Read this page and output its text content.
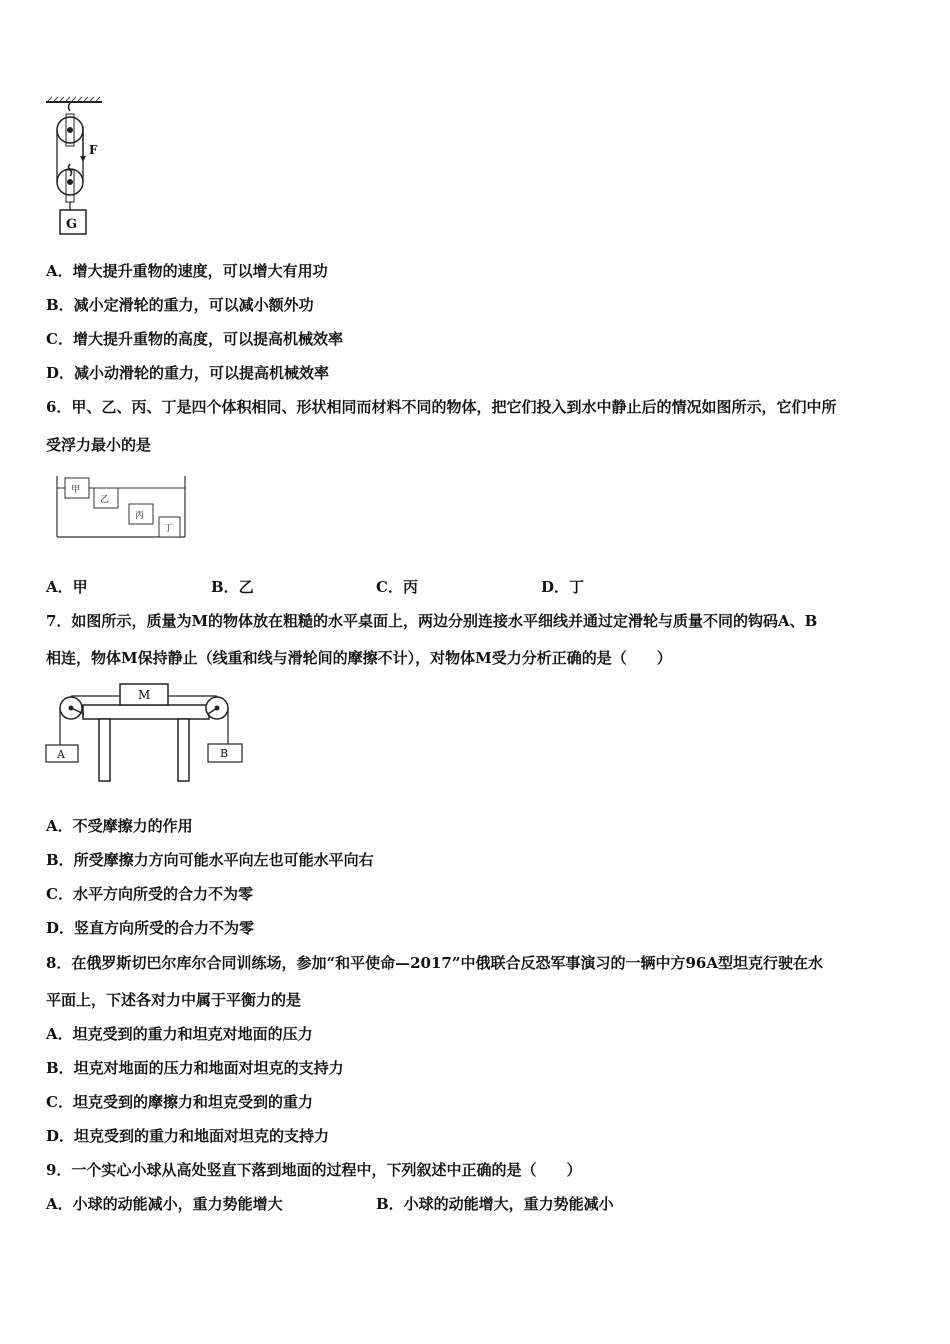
F
G
A．增大提升重物的速度，可以增大有用功
B．减小定滑轮的重力，可以减小额外功
C．增大提升重物的高度，可以提高机械效率
D．减小动滑轮的重力，可以提高机械效率
6．甲、乙、丙、丁是四个体积相同、形状相同而材料不同的物体，把它们投入到水中静止后的情况如图所示，它们中所
受浮力最小的是
甲
乙
丙
丁
A．甲	B．乙	C．丙	D．丁
7．如图所示，质量为M的物体放在粗糙的水平桌面上，两边分别连接水平细线并通过定滑轮与质量不同的钩码A、B
相连，物体M保持静止（线重和线与滑轮间的摩擦不计），对物体M受力分析正确的是（　　）
M
A	B
A．不受摩擦力的作用
B．所受摩擦力方向可能水平向左也可能水平向右
C．水平方向所受的合力不为零
D．竖直方向所受的合力不为零
8．在俄罗斯切巴尔库尔合同训练场，参加“和平使命—2017”中俄联合反恐军事演习的一辆中方96A型坦克行驶在水
平面上，下述各对力中属于平衡力的是
A．坦克受到的重力和坦克对地面的压力
B．坦克对地面的压力和地面对坦克的支持力
C．坦克受到的摩擦力和坦克受到的重力
D．坦克受到的重力和地面对坦克的支持力
9．一个实心小球从高处竖直下落到地面的过程中，下列叙述中正确的是（　　）
A．小球的动能减小，重力势能增大	B．小球的动能增大，重力势能减小
